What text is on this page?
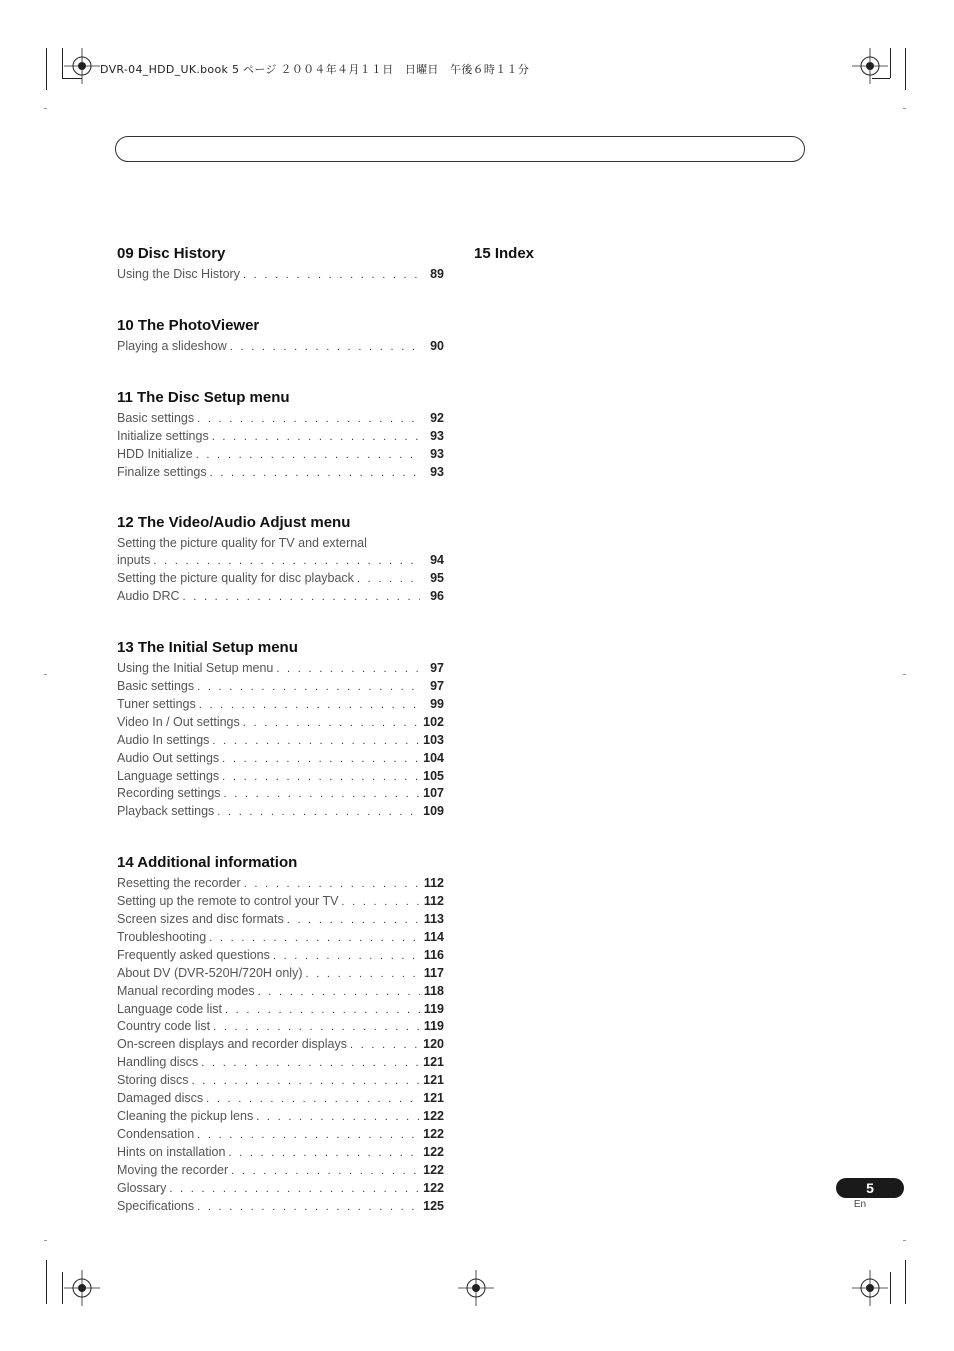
DVR-04_HDD_UK.book 5 ページ ２００４年４月１１日　日曜日　午後６時１１分
09 Disc History
Using the Disc History . . .	89
10 The PhotoViewer
Playing a slideshow . . .	90
11 The Disc Setup menu
Basic settings . . .	92
Initialize settings . . .	93
HDD Initialize . . .	93
Finalize settings . . .	93
12 The Video/Audio Adjust menu
Setting the picture quality for TV and external
inputs . . .	94
Setting the picture quality for disc playback . . .	95
Audio DRC . . .	96
13 The Initial Setup menu
Using the Initial Setup menu . . .	97
Basic settings . . .	97
Tuner settings . . .	99
Video In / Out settings . . .	102
Audio In settings . . .	103
Audio Out settings . . .	104
Language settings . . .	105
Recording settings . . .	107
Playback settings . . .	109
14 Additional information
Resetting the recorder . . .	112
Setting up the remote to control your TV . . .	112
Screen sizes and disc formats . . .	113
Troubleshooting . . .	114
Frequently asked questions . . .	116
About DV (DVR-520H/720H only) . . .	117
Manual recording modes . . .	118
Language code list . . .	119
Country code list . . .	119
On-screen displays and recorder displays . . .	120
Handling discs . . .	121
Storing discs . . .	121
Damaged discs . . .	121
Cleaning the pickup lens . . .	122
Condensation . . .	122
Hints on installation . . .	122
Moving the recorder . . .	122
Glossary . . .	122
Specifications . . .	125
15 Index
5
En
